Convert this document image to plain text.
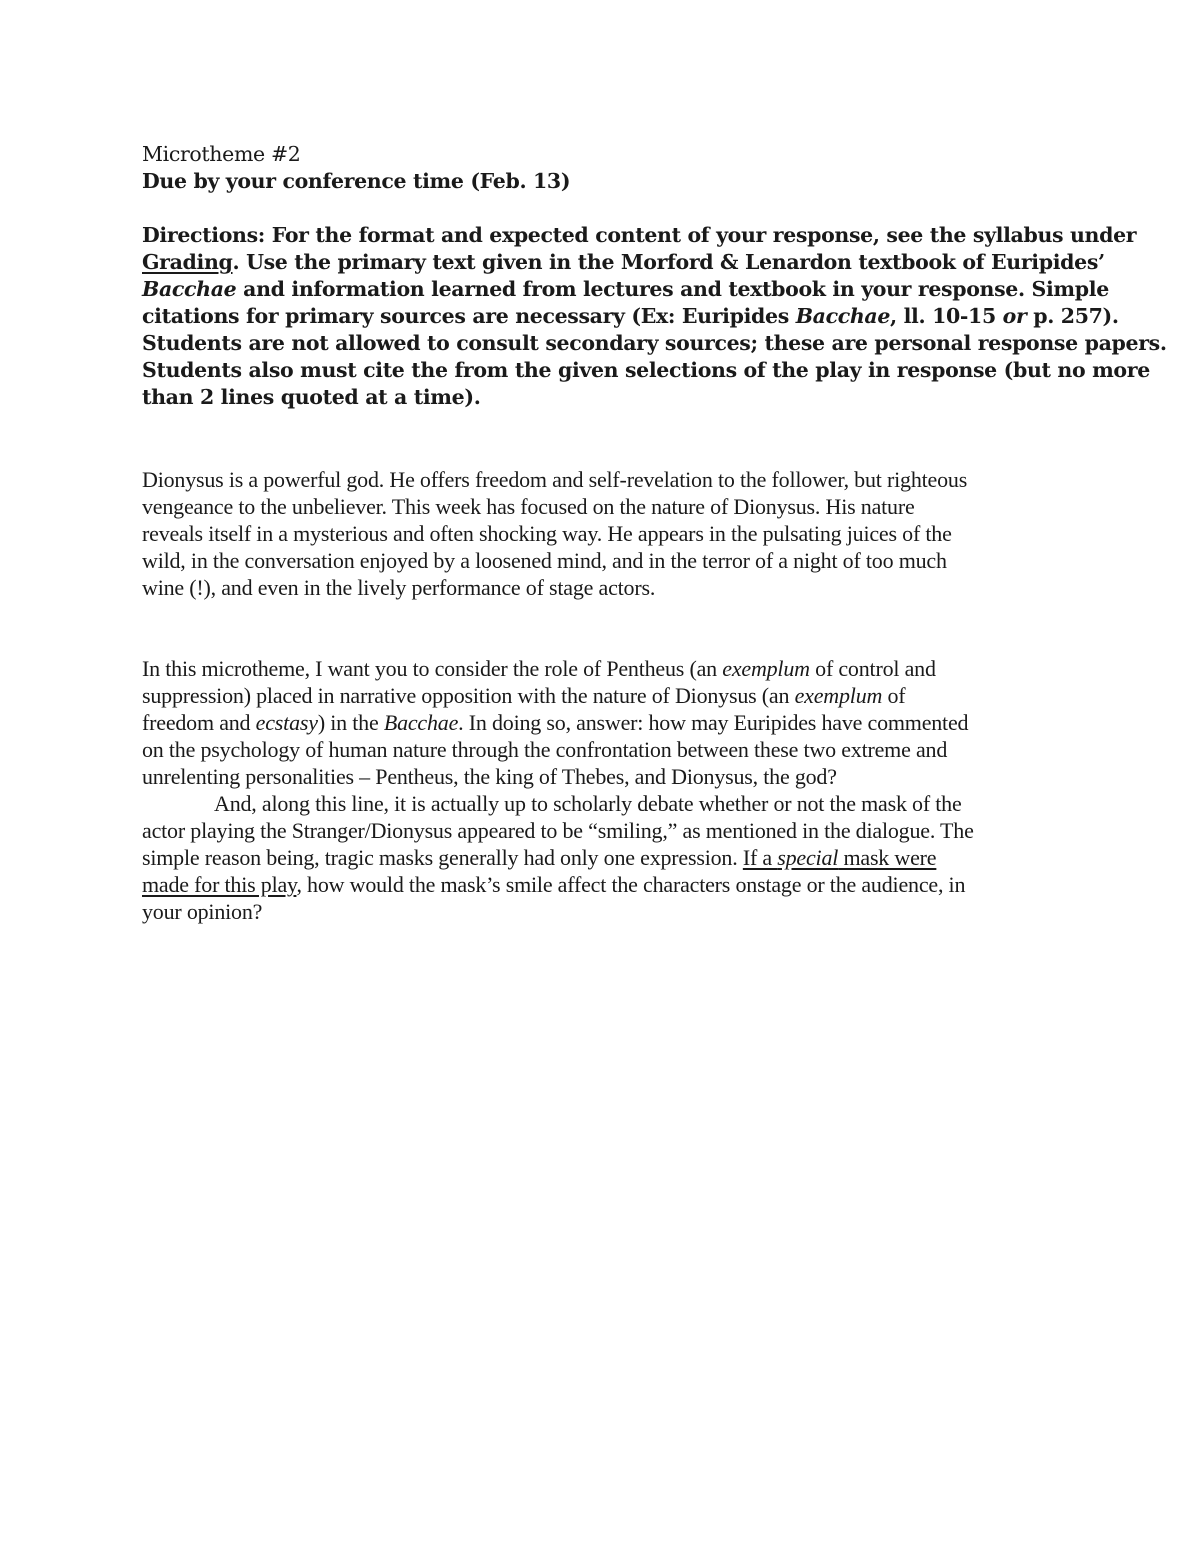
Microtheme #2
Due by your conference time (Feb. 13)
Directions: For the format and expected content of your response, see the syllabus under
Grading. Use the primary text given in the Morford & Lenardon textbook of Euripides’
Bacchae and information learned from lectures and textbook in your response. Simple
citations for primary sources are necessary (Ex: Euripides Bacchae, ll. 10-15 or p. 257).
Students are not allowed to consult secondary sources; these are personal response papers.
Students also must cite the from the given selections of the play in response (but no more
than 2 lines quoted at a time).
Dionysus is a powerful god. He offers freedom and self-revelation to the follower, but righteous
vengeance to the unbeliever. This week has focused on the nature of Dionysus. His nature
reveals itself in a mysterious and often shocking way. He appears in the pulsating juices of the
wild, in the conversation enjoyed by a loosened mind, and in the terror of a night of too much
wine (!), and even in the lively performance of stage actors.
In this microtheme, I want you to consider the role of Pentheus (an exemplum of control and
suppression) placed in narrative opposition with the nature of Dionysus (an exemplum of
freedom and ecstasy) in the Bacchae. In doing so, answer: how may Euripides have commented
on the psychology of human nature through the confrontation between these two extreme and
unrelenting personalities – Pentheus, the king of Thebes, and Dionysus, the god?
And, along this line, it is actually up to scholarly debate whether or not the mask of the
actor playing the Stranger/Dionysus appeared to be “smiling,” as mentioned in the dialogue. The
simple reason being, tragic masks generally had only one expression. If a special mask were
made for this play, how would the mask’s smile affect the characters onstage or the audience, in
your opinion?
